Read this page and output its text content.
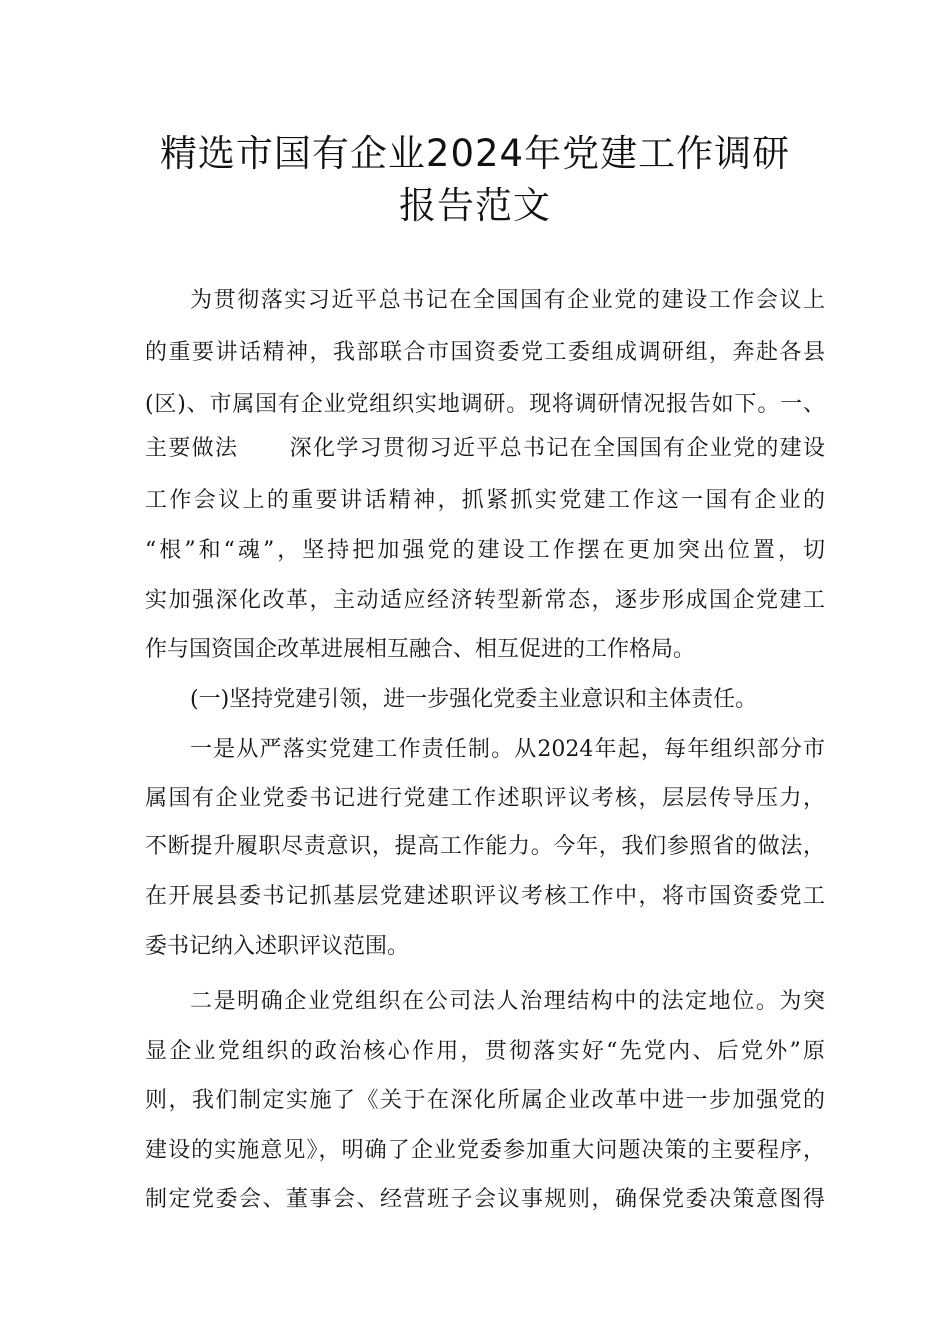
精选市国有企业2024年党建工作调研
报告范文
为贯彻落实习近平总书记在全国国有企业党的建设工作会议上
的重要讲话精神，我部联合市国资委党工委组成调研组，奔赴各县
(区)、市属国有企业党组织实地调研。现将调研情况报告如下。一、
主要做法 深化学习贯彻习近平总书记在全国国有企业党的建设
工作会议上的重要讲话精神，抓紧抓实党建工作这一国有企业的
“根”和“魂”，坚持把加强党的建设工作摆在更加突出位置，切
实加强深化改革，主动适应经济转型新常态，逐步形成国企党建工
作与国资国企改革进展相互融合、相互促进的工作格局。
(一)坚持党建引领，进一步强化党委主业意识和主体责任。
一是从严落实党建工作责任制。从2024年起，每年组织部分市
属国有企业党委书记进行党建工作述职评议考核，层层传导压力，
不断提升履职尽责意识，提高工作能力。今年，我们参照省的做法，
在开展县委书记抓基层党建述职评议考核工作中，将市国资委党工
委书记纳入述职评议范围。
二是明确企业党组织在公司法人治理结构中的法定地位。为突
显企业党组织的政治核心作用，贯彻落实好“先党内、后党外”原
则，我们制定实施了《关于在深化所属企业改革中进一步加强党的
建设的实施意见》，明确了企业党委参加重大问题决策的主要程序，
制定党委会、董事会、经营班子会议事规则，确保党委决策意图得
